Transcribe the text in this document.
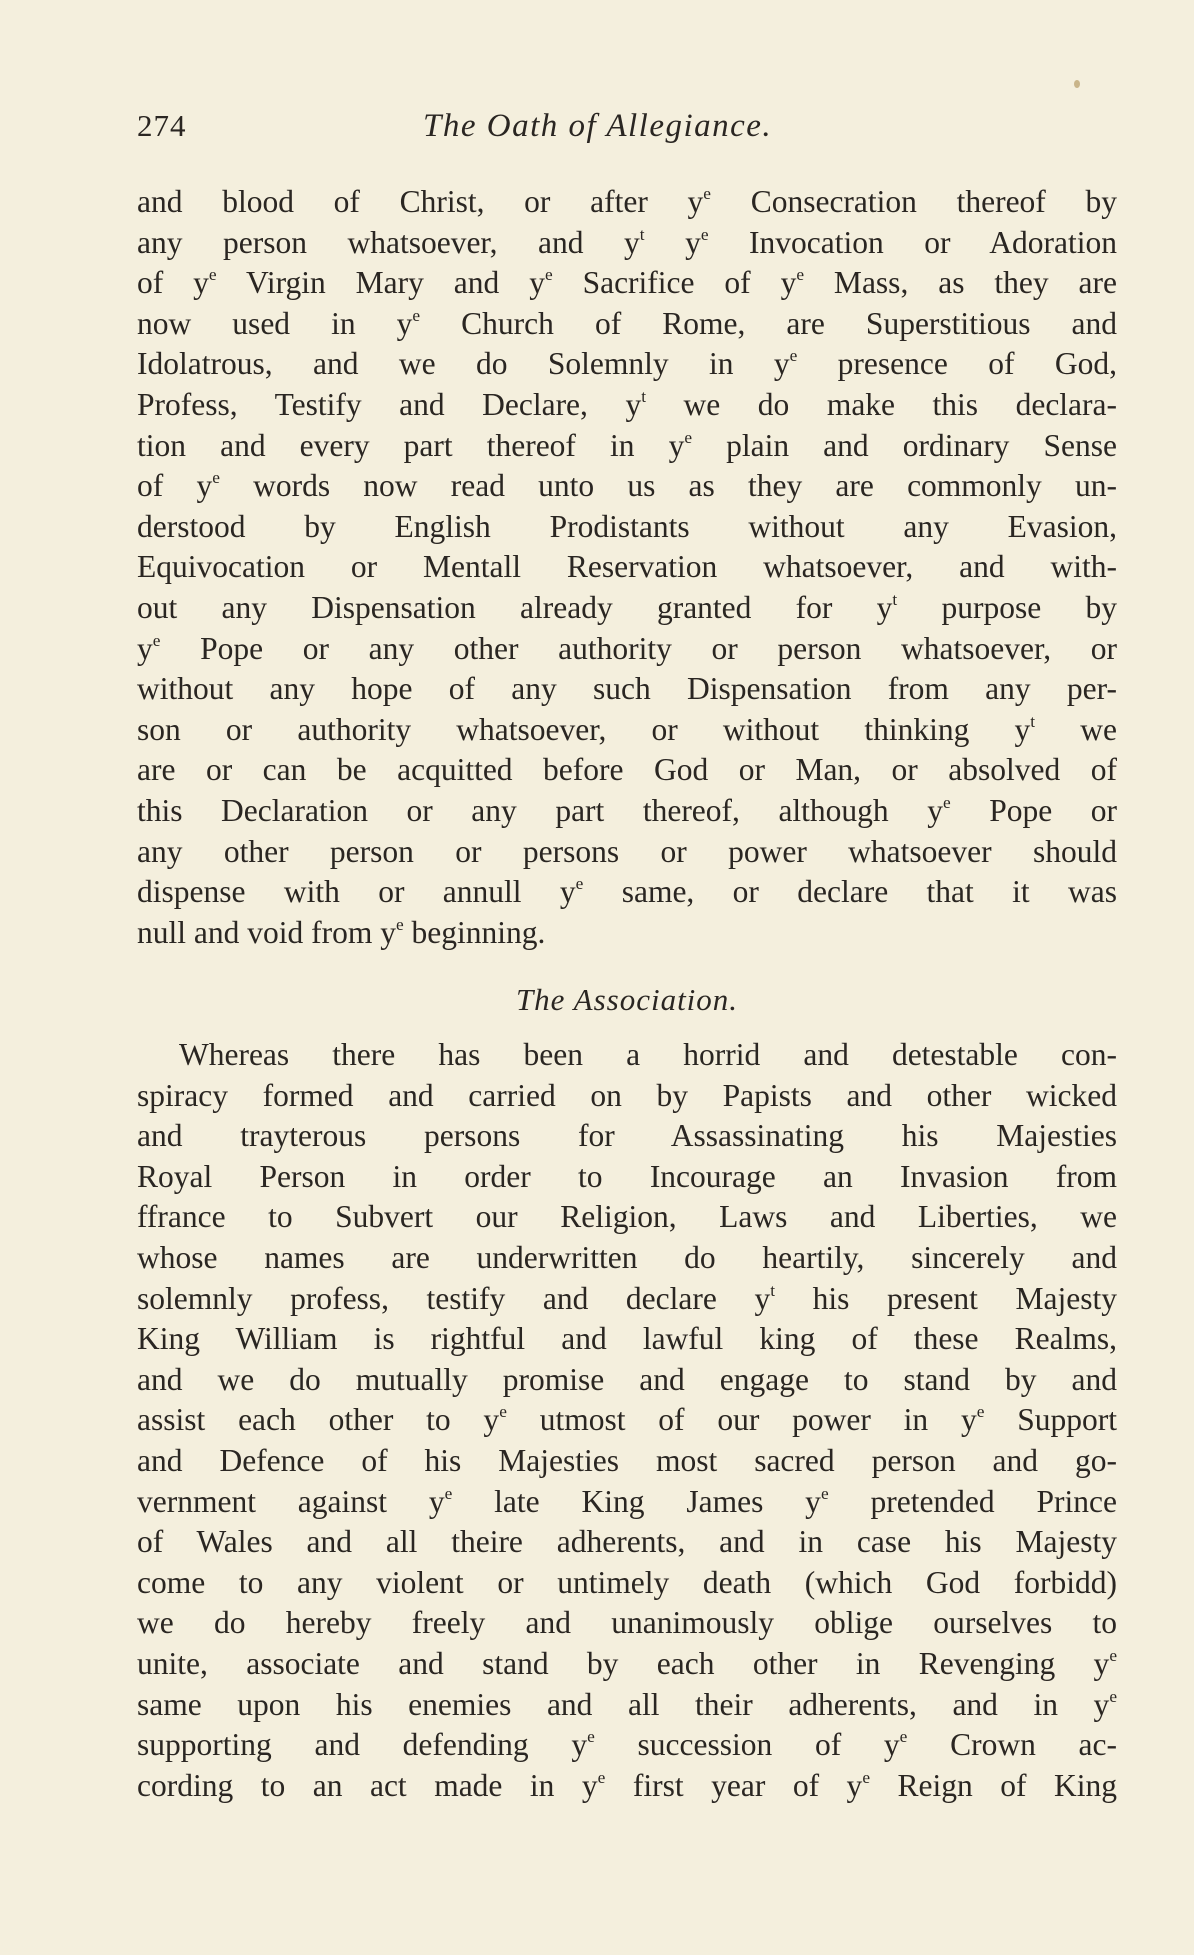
274	The Oath of Allegiance.
and blood of Christ, or after $y^e$ Consecration thereof by
any person whatsoever, and $y^t$ $y^e$ Invocation or Adoration
of $y^e$ Virgin Mary and $y^e$ Sacrifice of $y^e$ Mass, as they are
now used in $y^e$ Church of Rome, are Superstitious and
Idolatrous, and we do Solemnly in $y^e$ presence of God,
Profess, Testify and Declare, $y^t$ we do make this declara-
tion and every part thereof in $y^e$ plain and ordinary Sense
of $y^e$ words now read unto us as they are commonly un-
derstood by English Prodistants without any Evasion,
Equivocation or Mentall Reservation whatsoever, and with-
out any Dispensation already granted for $y^t$ purpose by
$y^e$ Pope or any other authority or person whatsoever, or
without any hope of any such Dispensation from any per-
son or authority whatsoever, or without thinking $y^t$ we
are or can be acquitted before God or Man, or absolved of
this Declaration or any part thereof, although $y^e$ Pope or
any other person or persons or power whatsoever should
dispense with or annull $y^e$ same, or declare that it was
null and void from $y^e$ beginning.
The Association.
Whereas there has been a horrid and detestable con-
spiracy formed and carried on by Papists and other wicked
and trayterous persons for Assassinating his Majesties
Royal Person in order to Incourage an Invasion from
ffrance to Subvert our Religion, Laws and Liberties, we
whose names are underwritten do heartily, sincerely and
solemnly profess, testify and declare $y^t$ his present Majesty
King William is rightful and lawful king of these Realms,
and we do mutually promise and engage to stand by and
assist each other to $y^e$ utmost of our power in $y^e$ Support
and Defence of his Majesties most sacred person and go-
vernment against $y^e$ late King James $y^e$ pretended Prince
of Wales and all theire adherents, and in case his Majesty
come to any violent or untimely death (which God forbidd)
we do hereby freely and unanimously oblige ourselves to
unite, associate and stand by each other in Revenging $y^e$
same upon his enemies and all their adherents, and in $y^e$
supporting and defending $y^e$ succession of $y^e$ Crown ac-
cording to an act made in $y^e$ first year of $y^e$ Reign of King
